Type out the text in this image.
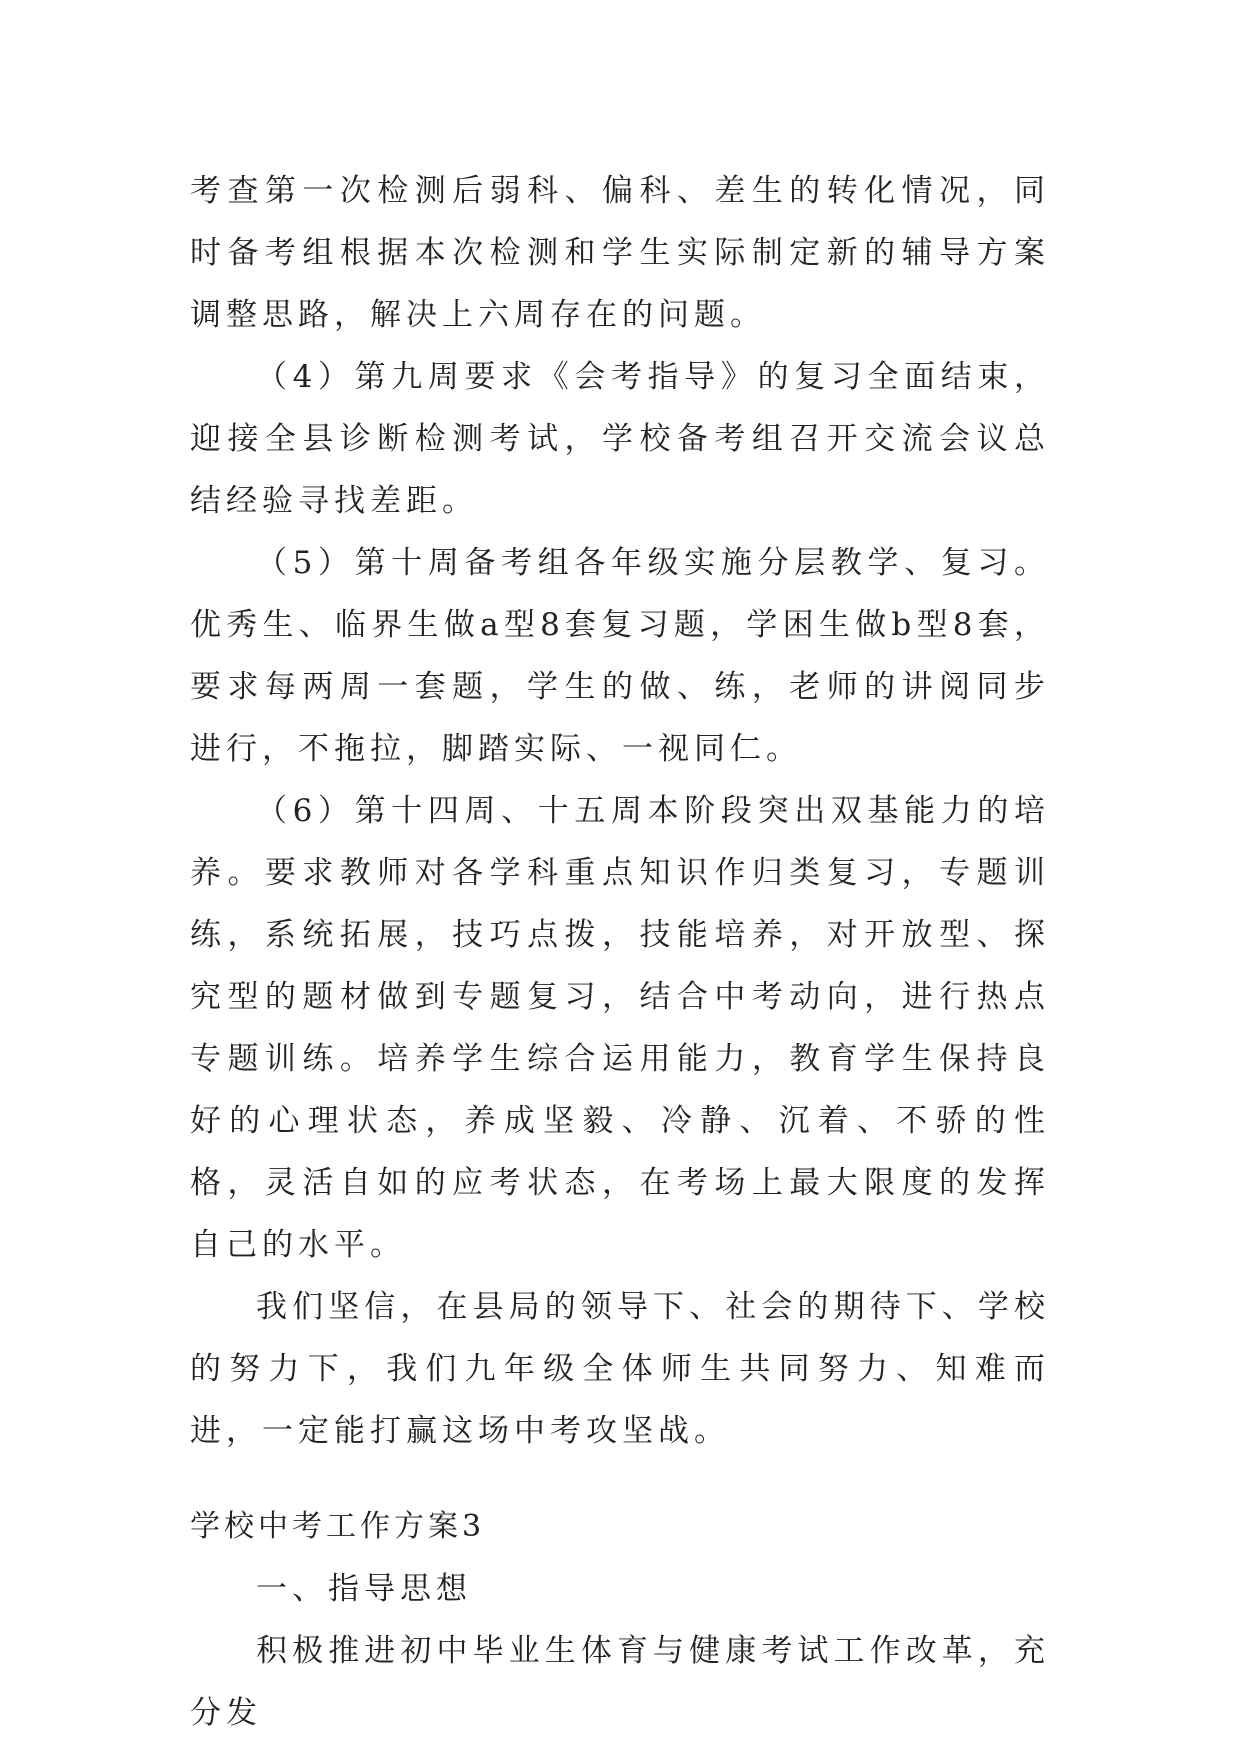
考查第一次检测后弱科、偏科、差生的转化情况，同时备考组根据本次检测和学生实际制定新的辅导方案调整思路，解决上六周存在的问题。

（4）第九周要求《会考指导》的复习全面结束，迎接全县诊断检测考试，学校备考组召开交流会议总结经验寻找差距。

（5）第十周备考组各年级实施分层教学、复习。优秀生、临界生做a型8套复习题，学困生做b型8套，要求每两周一套题，学生的做、练，老师的讲阅同步进行，不拖拉，脚踏实际、一视同仁。

（6）第十四周、十五周本阶段突出双基能力的培养。要求教师对各学科重点知识作归类复习，专题训练，系统拓展，技巧点拨，技能培养，对开放型、探究型的题材做到专题复习，结合中考动向，进行热点专题训练。培养学生综合运用能力，教育学生保持良好的心理状态，养成坚毅、冷静、沉着、不骄的性格，灵活自如的应考状态，在考场上最大限度的发挥自己的水平。

我们坚信，在县局的领导下、社会的期待下、学校的努力下，我们九年级全体师生共同努力、知难而进，一定能打赢这场中考攻坚战。

学校中考工作方案3

一、指导思想

积极推进初中毕业生体育与健康考试工作改革，充分发
